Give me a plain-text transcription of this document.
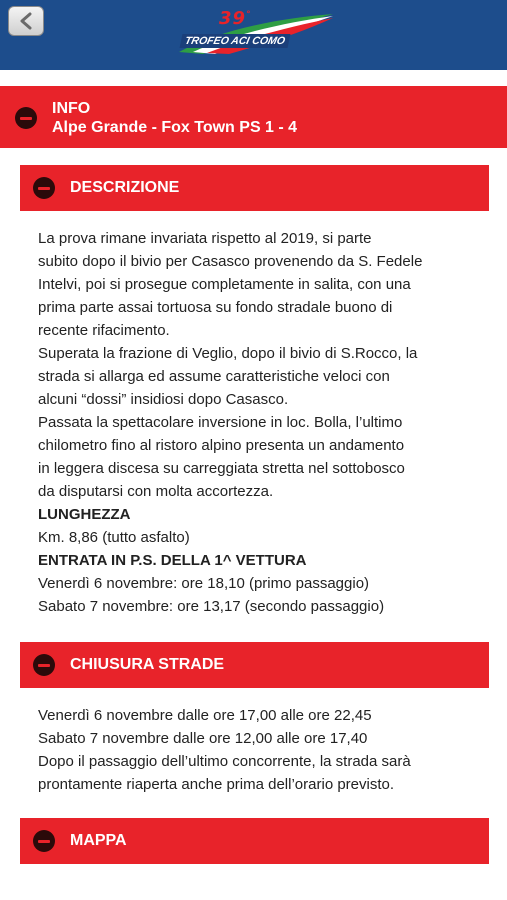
39°
TROFEO ACI COMO
INFO
Alpe Grande - Fox Town PS 1 - 4
DESCRIZIONE

La prova rimane invariata rispetto al 2019, si parte

subito dopo il bivio per Casasco provenendo da S. Fedele

Intelvi, poi si prosegue completamente in salita, con una

prima parte assai tortuosa su fondo stradale buono di

recente rifacimento.

Superata la frazione di Veglio, dopo il bivio di S.Rocco, la

strada si allarga ed assume caratteristiche veloci con

alcuni “dossi” insidiosi dopo Casasco.

Passata la spettacolare inversione in loc. Bolla, l’ultimo

chilometro fino al ristoro alpino presenta un andamento

in leggera discesa su carreggiata stretta nel sottobosco

da disputarsi con molta accortezza.

LUNGHEZZA

Km. 8,86 (tutto asfalto)

ENTRATA IN P.S. DELLA 1^ VETTURA

Venerdì 6 novembre: ore 18,10 (primo passaggio)

Sabato 7 novembre: ore 13,17 (secondo passaggio)

CHIUSURA STRADE

Venerdì 6 novembre dalle ore 17,00 alle ore 22,45

Sabato 7 novembre dalle ore 12,00 alle ore 17,40

Dopo il passaggio dell’ultimo concorrente, la strada sarà

prontamente riaperta anche prima dell’orario previsto.

MAPPA
